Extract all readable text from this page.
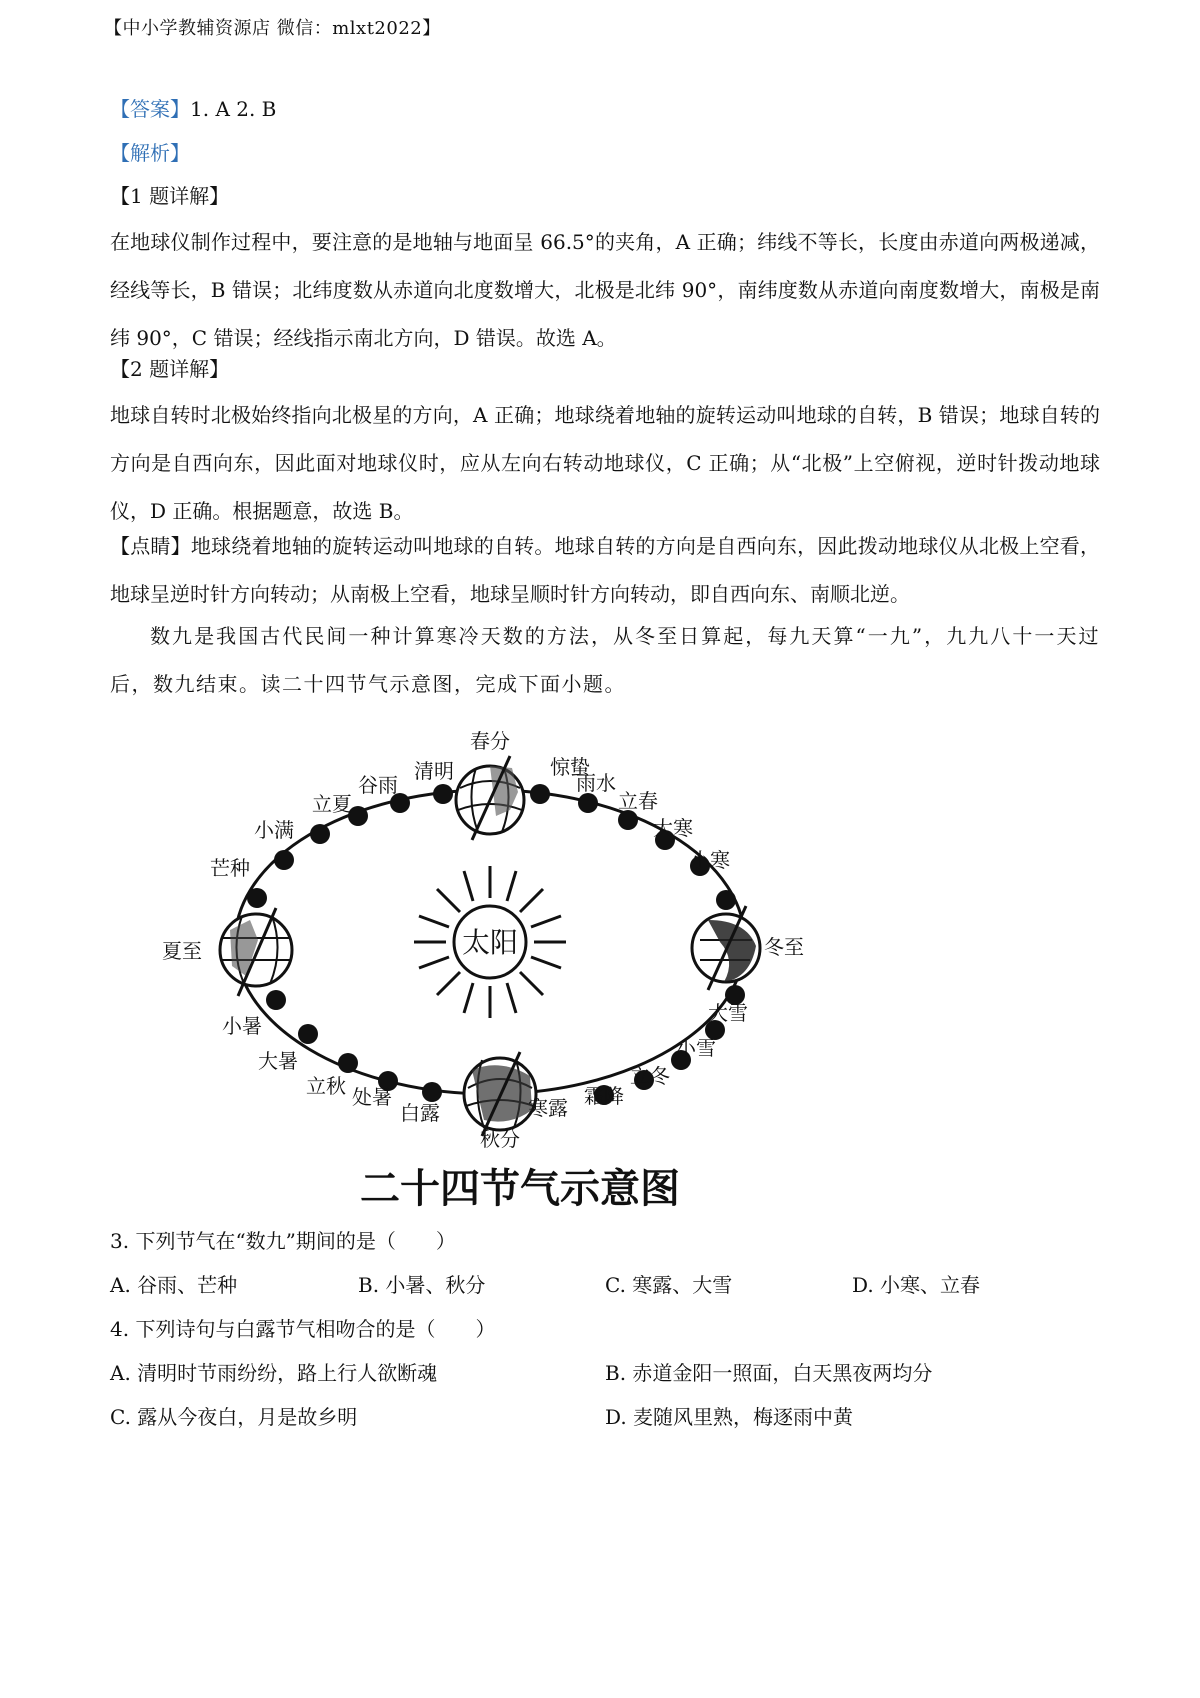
【中小学教辅资源店 微信：mlxt2022】
【答案】1. A 2. B
【解析】
【1 题详解】
在地球仪制作过程中，要注意的是地轴与地面呈 66.5°的夹角，A 正确；纬线不等长，长度由赤道向两极递减，经线等长，B 错误；北纬度数从赤道向北度数增大，北极是北纬 90°，南纬度数从赤道向南度数增大，南极是南纬 90°，C 错误；经线指示南北方向，D 错误。故选 A。
【2 题详解】
地球自转时北极始终指向北极星的方向，A 正确；地球绕着地轴的旋转运动叫地球的自转，B 错误；地球自转的方向是自西向东，因此面对地球仪时，应从左向右转动地球仪，C 正确；从“北极”上空俯视，逆时针拨动地球仪，D 正确。根据题意，故选 B。
【点睛】地球绕着地轴的旋转运动叫地球的自转。地球自转的方向是自西向东，因此拨动地球仪从北极上空看，地球呈逆时针方向转动；从南极上空看，地球呈顺时针方向转动，即自西向东、南顺北逆。
数九是我国古代民间一种计算寒冷天数的方法，从冬至日算起，每九天算“一九”，九九八十一天过后，数九结束。读二十四节气示意图，完成下面小题。
太阳
春分
惊蛰
雨水
立春
大寒
小寒
冬至
大雪
小雪
立冬
霜降
寒露
秋分
白露
处暑
立秋
大暑
小暑
夏至
芒种
小满
立夏
谷雨
清明
二十四节气示意图
3. 下列节气在“数九”期间的是（　　）
A. 谷雨、芒种	B. 小暑、秋分	C. 寒露、大雪	D. 小寒、立春
4. 下列诗句与白露节气相吻合的是（　　）
A. 清明时节雨纷纷，路上行人欲断魂	B. 赤道金阳一照面，白天黑夜两均分
C. 露从今夜白，月是故乡明	D. 麦随风里熟，梅逐雨中黄
